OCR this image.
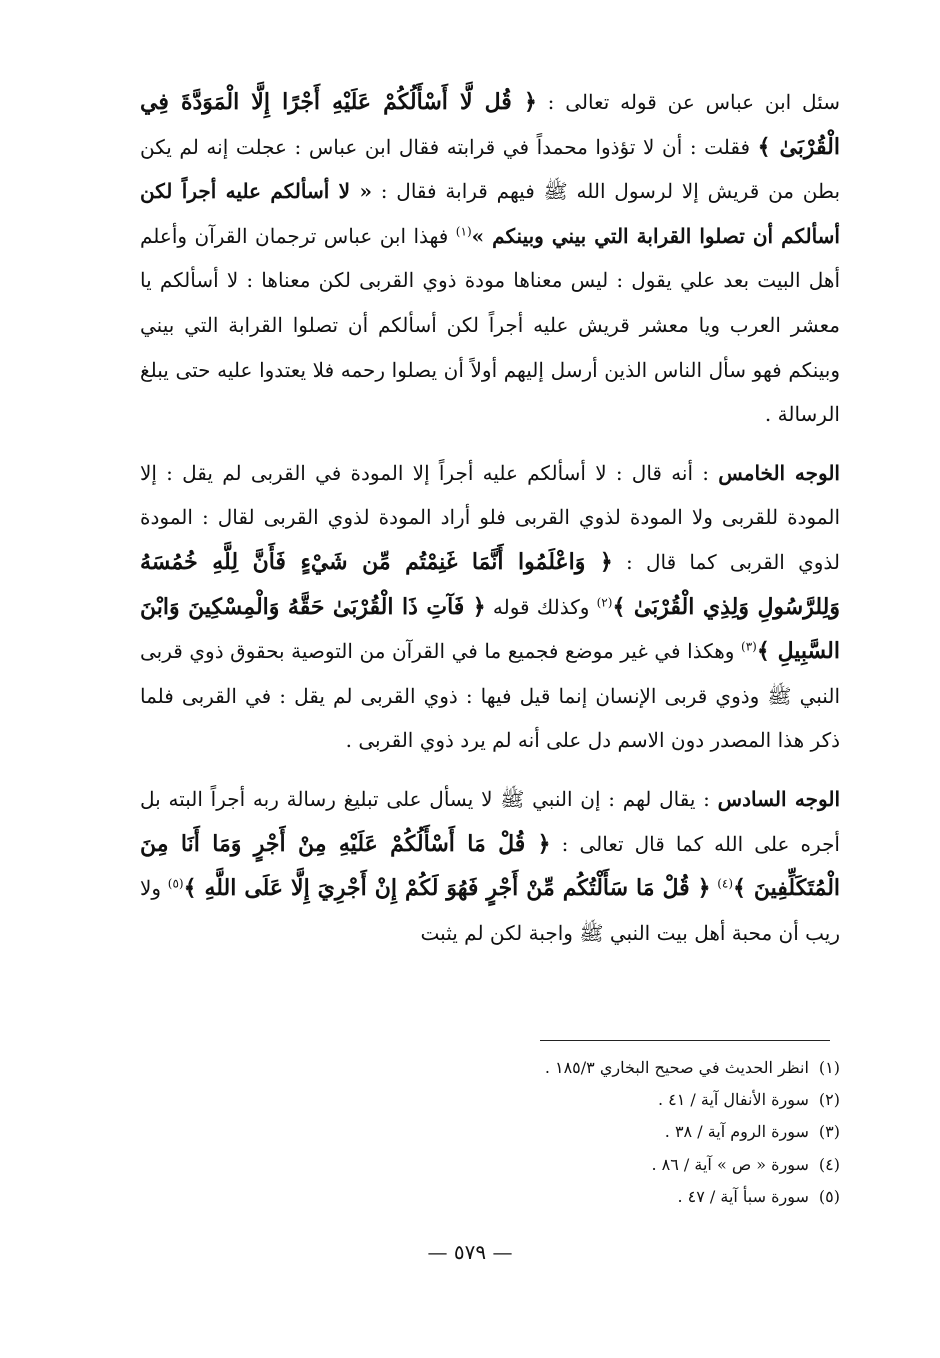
سئل ابن عباس عن قوله تعالى : ﴿ قُل لَّا أَسْأَلُكُمْ عَلَيْهِ أَجْرًا إِلَّا الْمَوَدَّةَ فِي الْقُرْبَىٰ ﴾ فقلت : أن لا تؤذوا محمداً في قرابته فقال ابن عباس : عجلت إنه لم يكن بطن من قريش إلا لرسول الله ﷺ فيهم قرابة فقال : « لا أسألكم عليه أجراً لكن أسألكم أن تصلوا القرابة التي بيني وبينكم »$^{(١)}$ فهذا ابن عباس ترجمان القرآن وأعلم أهل البيت بعد علي يقول : ليس معناها مودة ذوي القربى لكن معناها : لا أسألكم يا معشر العرب ويا معشر قريش عليه أجراً لكن أسألكم أن تصلوا القرابة التي بيني وبينكم فهو سأل الناس الذين أرسل إليهم أولاً أن يصلوا رحمه فلا يعتدوا عليه حتى يبلغ الرسالة .

الوجه الخامس : أنه قال : لا أسألكم عليه أجراً إلا المودة في القربى لم يقل : إلا المودة للقربى ولا المودة لذوي القربى فلو أراد المودة لذوي القربى لقال : المودة لذوي القربى كما قال : ﴿ وَاعْلَمُوا أَنَّمَا غَنِمْتُم مِّن شَيْءٍ فَأَنَّ لِلَّهِ خُمُسَهُ وَلِلرَّسُولِ وَلِذِي الْقُرْبَىٰ ﴾$^{(٢)}$ وكذلك قوله ﴿ فَآتِ ذَا الْقُرْبَىٰ حَقَّهُ وَالْمِسْكِينَ وَابْنَ السَّبِيلِ ﴾$^{(٣)}$ وهكذا في غير موضع فجميع ما في القرآن من التوصية بحقوق ذوي قربى النبي ﷺ وذوي قربى الإنسان إنما قيل فيها : ذوي القربى لم يقل : في القربى فلما ذكر هذا المصدر دون الاسم دل على أنه لم يرد ذوي القربى .

الوجه السادس : يقال لهم : إن النبي ﷺ لا يسأل على تبليغ رسالة ربه أجراً البته بل أجره على الله كما قال تعالى : ﴿ قُلْ مَا أَسْأَلُكُمْ عَلَيْهِ مِنْ أَجْرٍ وَمَا أَنَا مِنَ الْمُتَكَلِّفِينَ ﴾$^{(٤)}$ ﴿ قُلْ مَا سَأَلْتُكُم مِّنْ أَجْرٍ فَهُوَ لَكُمْ إِنْ أَجْرِيَ إِلَّا عَلَى اللَّهِ ﴾$^{(٥)}$ ولا ريب أن محبة أهل بيت النبي ﷺ واجبة لكن لم يثبت

(١)انظر الحديث في صحيح البخاري ١٨٥/٣ .

(٢)سورة الأنفال آية / ٤١ .

(٣)سورة الروم آية / ٣٨ .

(٤)سورة « ص » آية / ٨٦ .

(٥)سورة سبأ آية / ٤٧ .

— ٥٧٩ —
